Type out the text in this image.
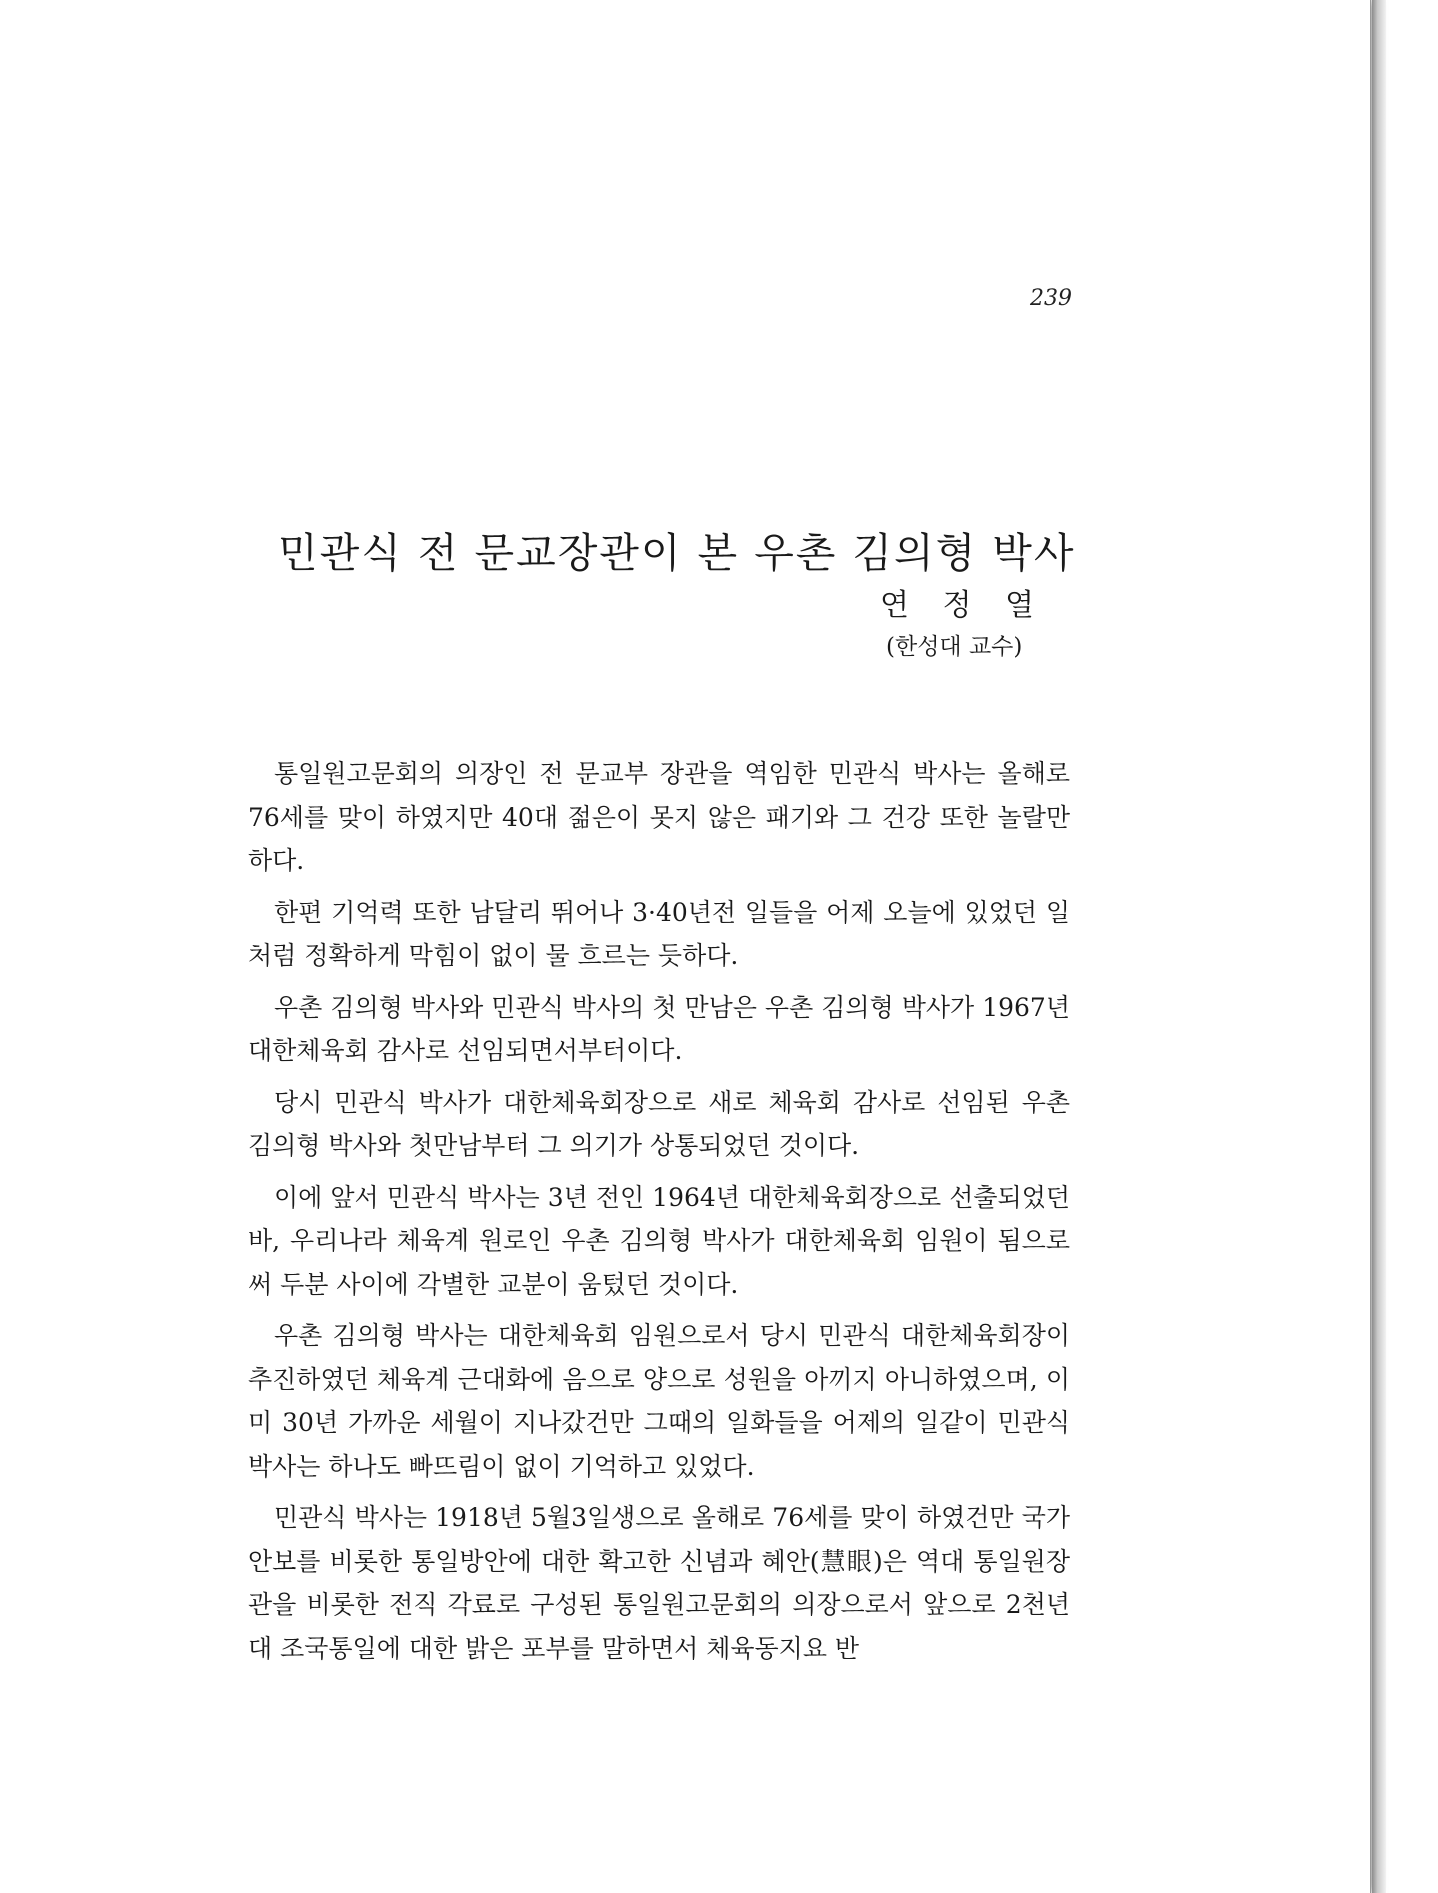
239
민관식 전 문교장관이 본 우촌 김의형 박사
연 정 열
(한성대 교수)

통일원고문회의 의장인 전 문교부 장관을 역임한 민관식 박사는 올해로 76세를 맞이 하였지만 40대 젊은이 못지 않은 패기와 그 건강 또한 놀랄만하다.

한편 기억력 또한 남달리 뛰어나 3·40년전 일들을 어제 오늘에 있었던 일처럼 정확하게 막힘이 없이 물 흐르는 듯하다.

우촌 김의형 박사와 민관식 박사의 첫 만남은 우촌 김의형 박사가 1967년 대한체육회 감사로 선임되면서부터이다.

당시 민관식 박사가 대한체육회장으로 새로 체육회 감사로 선임된 우촌 김의형 박사와 첫만남부터 그 의기가 상통되었던 것이다.

이에 앞서 민관식 박사는 3년 전인 1964년 대한체육회장으로 선출되었던 바, 우리나라 체육계 원로인 우촌 김의형 박사가 대한체육회 임원이 됨으로써 두분 사이에 각별한 교분이 움텄던 것이다.

우촌 김의형 박사는 대한체육회 임원으로서 당시 민관식 대한체육회장이 추진하였던 체육계 근대화에 음으로 양으로 성원을 아끼지 아니하였으며, 이미 30년 가까운 세월이 지나갔건만 그때의 일화들을 어제의 일같이 민관식 박사는 하나도 빠뜨림이 없이 기억하고 있었다.

민관식 박사는 1918년 5월3일생으로 올해로 76세를 맞이 하였건만 국가안보를 비롯한 통일방안에 대한 확고한 신념과 혜안(慧眼)은 역대 통일원장관을 비롯한 전직 각료로 구성된 통일원고문회의 의장으로서 앞으로 2천년대 조국통일에 대한 밝은 포부를 말하면서 체육동지요 반
